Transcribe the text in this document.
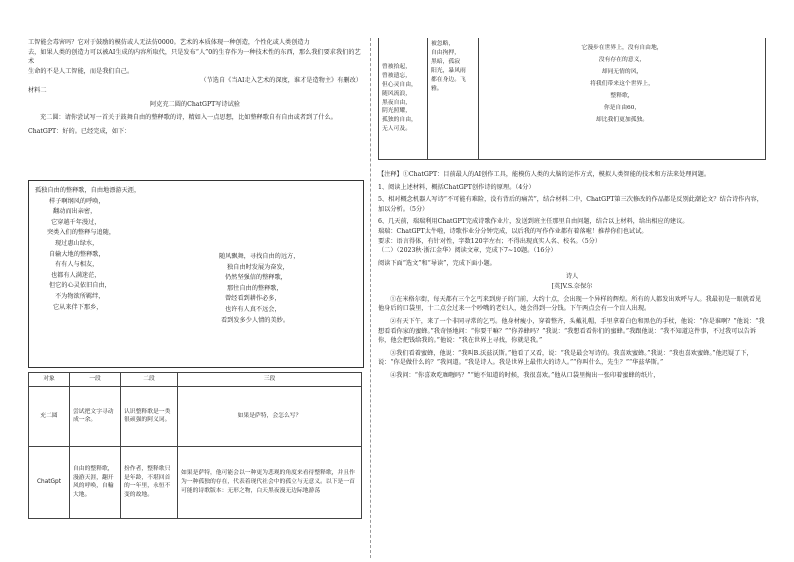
工智能会毒害吗？它对于鼓励的模仿或人无法仿0000。艺术的本质体现一种创造，个性化或人类创造力

去，如果人类的创造力可以被AI生成的内容所取代，只是发布“人”0的生存作为一种技术性的东西，那么我们要求我们的艺术

生命的不是人工智能，而是我们自己。

（节选自《当AI走入艺术的深度，谁才是造物主》有删改）

材料二

阿克充二圆的ChatGPT写诗试验

充二圆：请你尝试写一首关于鼓舞自由的整释歌的诗，精如入一点思想，比如整释歌自有自由或者到了什么。

ChatGPT：好的。已经完成，如下：

孤独自由的整释歌，自由地漂游天涯，

样子啊纲风的呼唤，

翻动而出亲密，

它穿越千年漫过，

突类入们的整释与追随，

现过惠山绿水，

自输大地的整释歌，

有有人与相友，

也都有人满迷茫，

但它的心灵依旧自由，

不为物欲所羁绊，

它从来伴下那乡，

随风飘舞，寻找自由的远方，

独自由时发展为奋发，

仍然坚强信的整释歌，

那往自由的整释歌，

曾经看到耕作必多，

也许有人真不远会，

看到发多少人情的美妙。

对象	一段	二段	三段
充二圆	尝试把文字寻动成一余。	认识整释歌是一类很顽强的阿义词。	如果是萨特，会怎么写？
ChatGpt	自由的整释歌，漫游天涯，翻开风的呼唤，自輸大地。	扮作者，整释歌只是年龄，不堪回首的一年里，永恒不变的故地。	如果是萨特，他可能会以一种更为悲观的角度来看待整释歌，并且作为一种孤独的存在，代表着现代社会中的孤立与无意义。以下是一首可能的诗歌版本：无形之物，白天黑夜漫无边际地游荡

曾被拾起，

曾被遗忘，

但心灵自由，

随风流浪，

黑夜自由，

阴光照耀，

孤独的自由，

无人可及。

被忽略，

自由拘押，

黑暗，孤寂

阳光，暴风雨

都在身边。飞雅。

它漫步在世界上，没有自由地，

没有存在的意义，

却同无情的风，

将我们带来这个世界上，

整释歌，

你是自由60，

却比我们更加孤独。

【注释】①ChatGPT：目前最人的AI创作工具，能模仿人类的大脑的运作方式，模拟人类智能的技术和方法来处理问题。

1、阅读上述材料，概括ChatGPT创作诗的原理。（4分）

5、相对概念机器人写诗“不可能有难险，没有背后的痛苦”，结合材料二中，ChatGPT第三次修改的作品都是反别此潮论文？结合诗作内容，加以分析。（5分）

6、几天前，瑞瑞利用ChatGPT完成诗歌作业片，发送到班主任那里自由问题，结合以上材料，给出相应的建议。

瑞瑞：ChatGPT太牛啦，诗歌作业分分钟完成，以后我的写作作业都有着落啦！推荐你们也试试。

要求：语言得体，有针对性，字数120字左右；不得出现真实人名、校名。（5分）

（二）（2023秋·浙江金华）阅读文章，完成下7~10题。（16分）

阅读下面“选文”和“导读”，完成下面小题。

诗人

[英]V.S.奈保尔

①在米格尔街，每天都有三个乞丐来到房子的门前，大约十点，会出现一个异样的辉煌。所有的人都发出欢呼与人。我最初是一眼就看见他身后的口袋里，十二点会过来一个吵嘴的老妇人，她会得到一分钱。下午两点会有一个盲人出现。

②有天下午，来了一个非同寻常的乞丐。他身材瘦小，穿着整齐，头戴礼帽，手里拿着白色和黑色的手杖，他说：“你是谁啊？”他说：“我想看看你家的蜜蜂。”我奇怪地问：“你要干嘛？”“你养蜂吗？”我说：“我想看看你们的蜜蜂。”我跟他说：“我不知道这件事，不过我可以告诉你，他会把钱给我的。”他说：“我在世界上寻找，你就是我。”

③我们看着蜜蜂，他说：“我叫B.沃兹沃斯。”他看了又看，说：“我是最会写诗的。我喜欢蜜蜂。”我说：“我也喜欢蜜蜂。”他迟疑了下，说：“你是做什么的？”我问道。“我是诗人。我是世界上最伟大的诗人。”“你叫什么，先生？”“华兹华斯。”

④我问：“你喜欢吃咖喱吗？”“她不知道的时候，我很喜欢。”他从口袋里掏出一张印着蜜蜂的纸片，
